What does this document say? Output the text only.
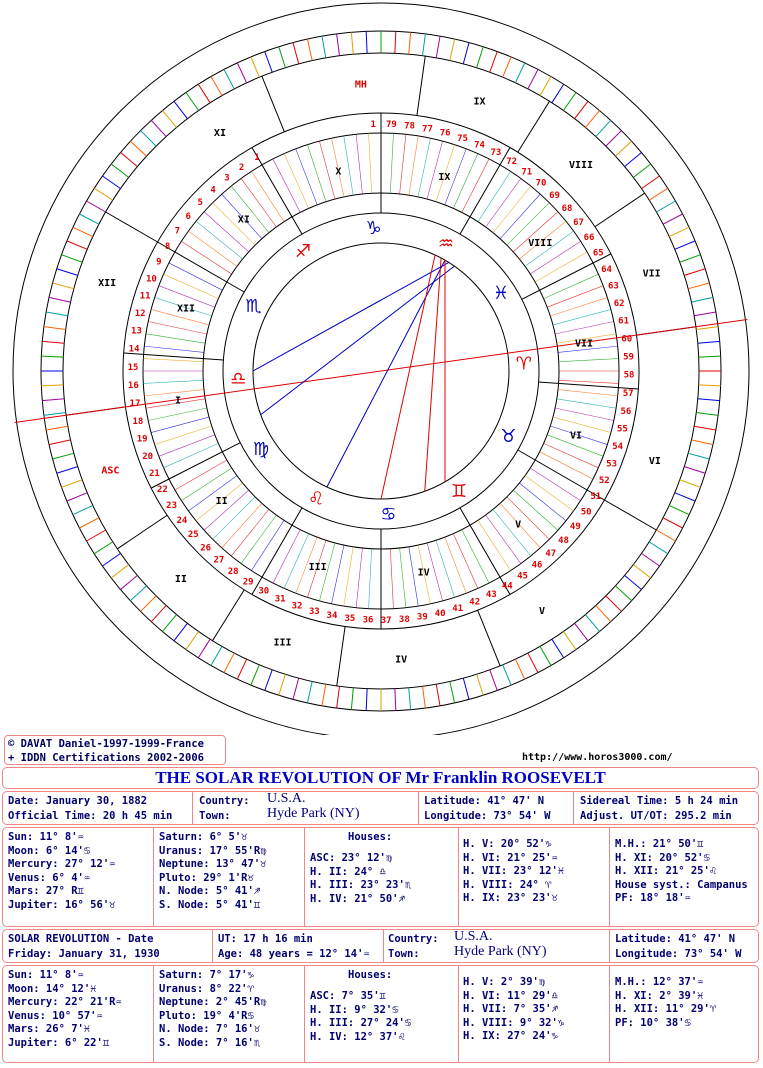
♈
♉
♊
♋
♌
♍
♎
♏
♐
♑
♒
♓
1
2
3
4
5
6
7
8
9
10
11
12
13
14
15
16
17
18
19
20
21
22
23
24
25
26
27
28
29
30
31
32
33 34 35 36 37 38 39 40 41
42
43
44
45
46
47
48
49
50
51
52
53
54
55
56
57
58
59
60
61
62
63
64
65
66
67
68
69
70
71
72
73
74
75
76
77
78
79
1
ASC
II
III
IV
V
VI
VII
VIII
IX
MH
XI
XII
I
II
III
IV
V
VI
VII
VIII
IX
X
XI
XII
© DAVAT Daniel-1997-1999-France
+ IDDN Certifications 2002-2006	http://www.horos3000.com/
THE SOLAR REVOLUTION OF Mr Franklin ROOSEVELT
Date: January 30, 1882
Official Time: 20 h 45 min
Country:
Town:
U.S.A.
Hyde Park (NY)
Latitude: 41° 47' N
Longitude: 73° 54' W
Sidereal Time: 5 h 24 min
Adjust. UT/OT: 295.2 min
Sun: 11° 8'♒
Moon: 6° 14'♋
Mercury: 27° 12'♒
Venus: 6° 4'♒
Mars: 27° R♊
Jupiter: 16° 56'♉
Saturn: 6° 5'♉
Uranus: 17° 55'R♍
Neptune: 13° 47'♉
Pluto: 29° 1'R♉
N. Node: 5° 41'♐
S. Node: 5° 41'♊
Houses:
ASC: 23° 12'♍
H. II: 24° ♎
H. III: 23° 23'♏
H. IV: 21° 50'♐
H. V: 20° 52'♑
H. VI: 21° 25'♒
H. VII: 23° 12'♓
H. VIII: 24° ♈
H. IX: 23° 23'♉
M.H.: 21° 50'♊
H. XI: 20° 52'♋
H. XII: 21° 25'♌
House syst.: Campanus
PF: 18° 18'♒
SOLAR REVOLUTION - Date
Friday: January 31, 1930
UT: 17 h 16 min
Age: 48 years = 12° 14'♒
Country:
Town:
U.S.A.
Hyde Park (NY)
Latitude: 41° 47' N
Longitude: 73° 54' W
Sun: 11° 8'♒
Moon: 14° 12'♓
Mercury: 22° 21'R♒
Venus: 10° 57'♒
Mars: 26° 7'♓
Jupiter: 6° 22'♊
Saturn: 7° 17'♑
Uranus: 8° 22'♈
Neptune: 2° 45'R♍
Pluto: 19° 4'R♋
N. Node: 7° 16'♉
S. Node: 7° 16'♏
Houses:
ASC: 7° 35'♊
H. II: 9° 32'♋
H. III: 27° 24'♋
H. IV: 12° 37'♌
H. V: 2° 39'♍
H. VI: 11° 29'♎
H. VII: 7° 35'♐
H. VIII: 9° 32'♑
H. IX: 27° 24'♑
M.H.: 12° 37'♒
H. XI: 2° 39'♓
H. XII: 11° 29'♈
PF: 10° 38'♋
